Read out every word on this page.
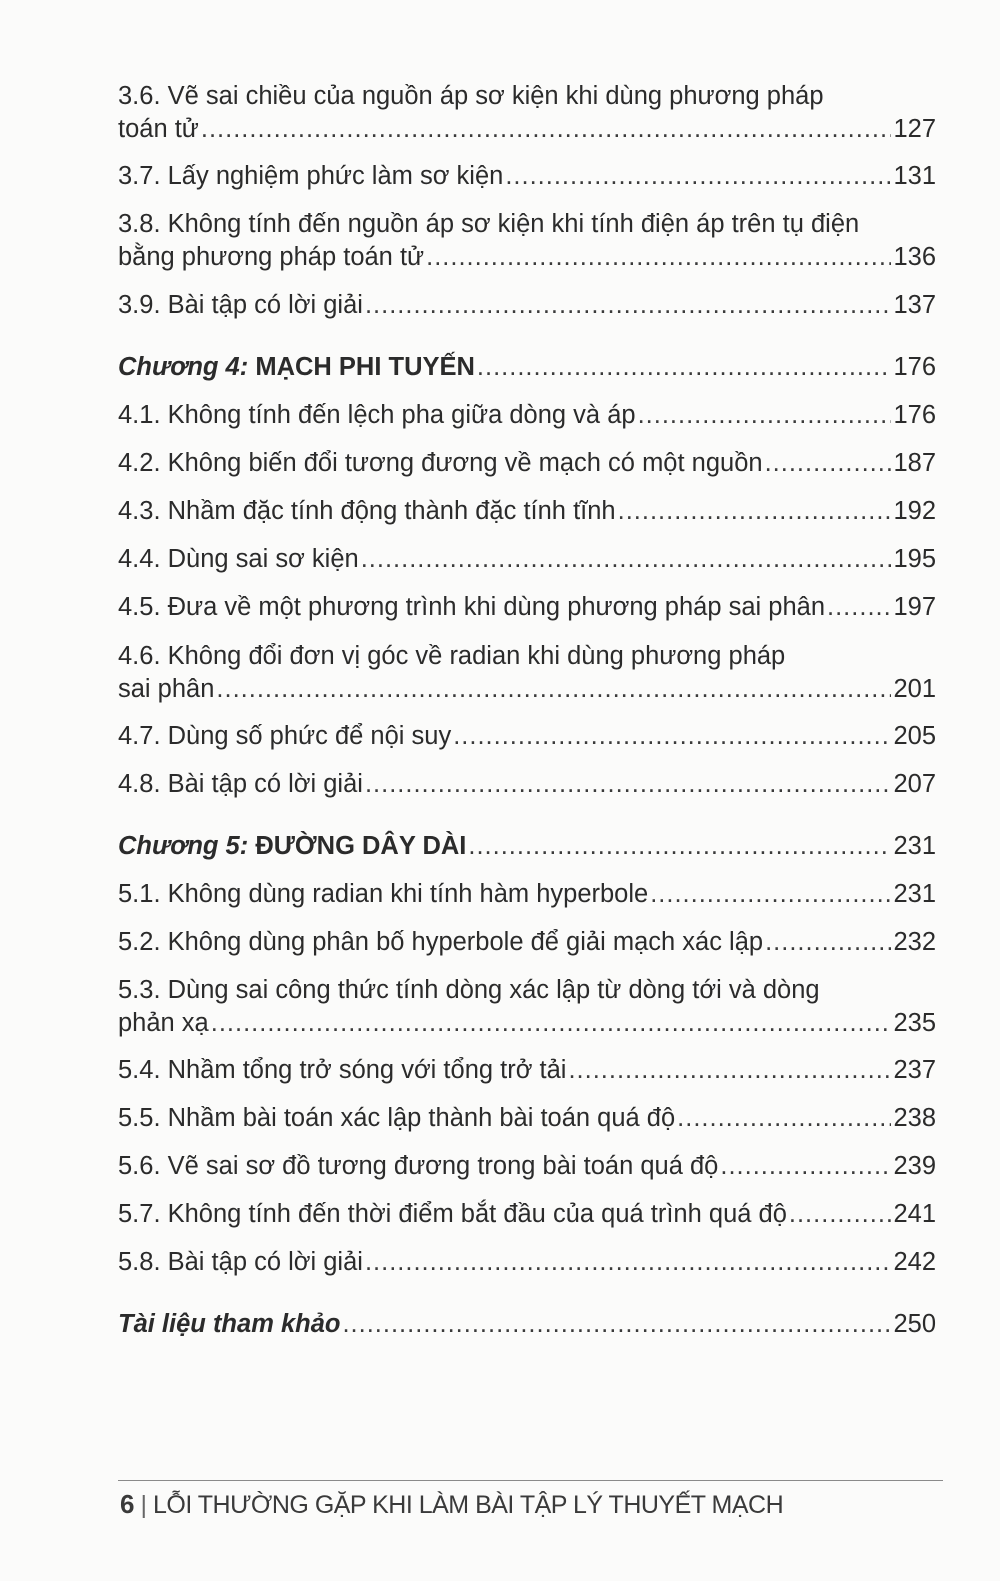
3.6. Vẽ sai chiều của nguồn áp sơ kiện khi dùng phương pháp
toán tử .....	127
3.7. Lấy nghiệm phức làm sơ kiện .....	131
3.8. Không tính đến nguồn áp sơ kiện khi tính điện áp trên tụ điện
bằng phương pháp toán tử .....	136
3.9. Bài tập có lời giải .....	137
Chương 4: MẠCH PHI TUYẾN .....	176
4.1. Không tính đến lệch pha giữa dòng và áp .....	176
4.2. Không biến đổi tương đương về mạch có một nguồn .....	187
4.3. Nhầm đặc tính động thành đặc tính tĩnh .....	192
4.4. Dùng sai sơ kiện .....	195
4.5. Đưa về một phương trình khi dùng phương pháp sai phân .....	197
4.6. Không đổi đơn vị góc về radian khi dùng phương pháp
sai phân .....	201
4.7. Dùng số phức để nội suy .....	205
4.8. Bài tập có lời giải .....	207
Chương 5: ĐƯỜNG DÂY DÀI .....	231
5.1. Không dùng radian khi tính hàm hyperbole .....	231
5.2. Không dùng phân bố hyperbole để giải mạch xác lập .....	232
5.3. Dùng sai công thức tính dòng xác lập từ dòng tới và dòng
phản xạ .....	235
5.4. Nhầm tổng trở sóng với tổng trở tải .....	237
5.5. Nhầm bài toán xác lập thành bài toán quá độ .....	238
5.6. Vẽ sai sơ đồ tương đương trong bài toán quá độ .....	239
5.7. Không tính đến thời điểm bắt đầu của quá trình quá độ .....	241
5.8. Bài tập có lời giải .....	242
Tài liệu tham khảo .....	250
6 | LỖI THƯỜNG GẶP KHI LÀM BÀI TẬP LÝ THUYẾT MẠCH
